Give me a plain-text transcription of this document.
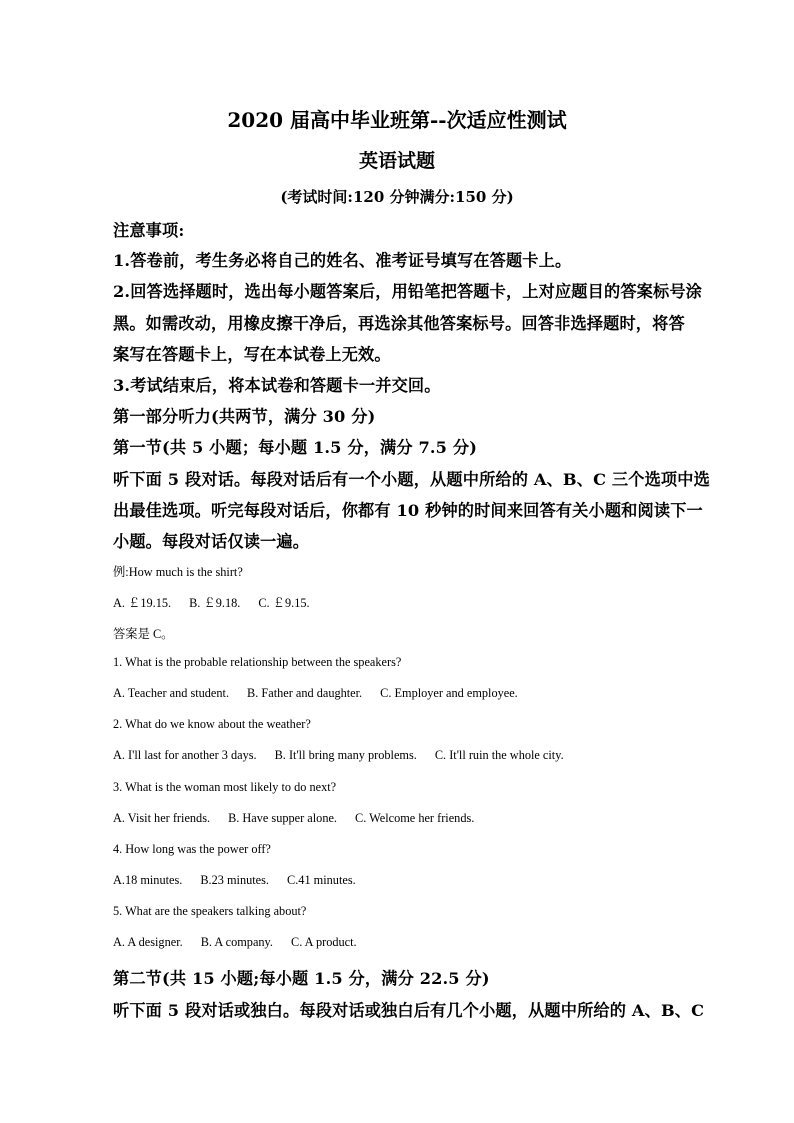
2020 届高中毕业班第--次适应性测试
英语试题
(考试时间:120 分钟满分:150 分)
注意事项:
1.答卷前，考生务必将自己的姓名、准考证号填写在答题卡上。
2.回答选择题时，选出每小题答案后，用铅笔把答题卡，上对应题目的答案标号涂
黑。如需改动，用橡皮擦干净后，再选涂其他答案标号。回答非选择题时，将答
案写在答题卡上，写在本试卷上无效。
3.考试结束后，将本试卷和答题卡一并交回。
第一部分听力(共两节，满分 30 分)
第一节(共 5 小题；每小题 1.5 分，满分 7.5 分)
听下面 5 段对话。每段对话后有一个小题，从题中所给的 A、B、C 三个选项中选
出最佳选项。听完每段对话后，你都有 10 秒钟的时间来回答有关小题和阅读下一
小题。每段对话仅读一遍。
例:How much is the shirt?
A. ￡19.15. B. ￡9.18. C. ￡9.15.
答案是 C。
1. What is the probable relationship between the speakers?
A. Teacher and student. B. Father and daughter. C. Employer and employee.
2. What do we know about the weather?
A. I'll last for another 3 days. B. It'll bring many problems. C. It'll ruin the whole city.
3. What is the woman most likely to do next?
A. Visit her friends. B. Have supper alone. C. Welcome her friends.
4. How long was the power off?
A.18 minutes. B.23 minutes. C.41 minutes.
5. What are the speakers talking about?
A. A designer. B. A company. C. A product.
第二节(共 15 小题;每小题 1.5 分，满分 22.5 分)
听下面 5 段对话或独白。每段对话或独白后有几个小题，从题中所给的 A、B、C
